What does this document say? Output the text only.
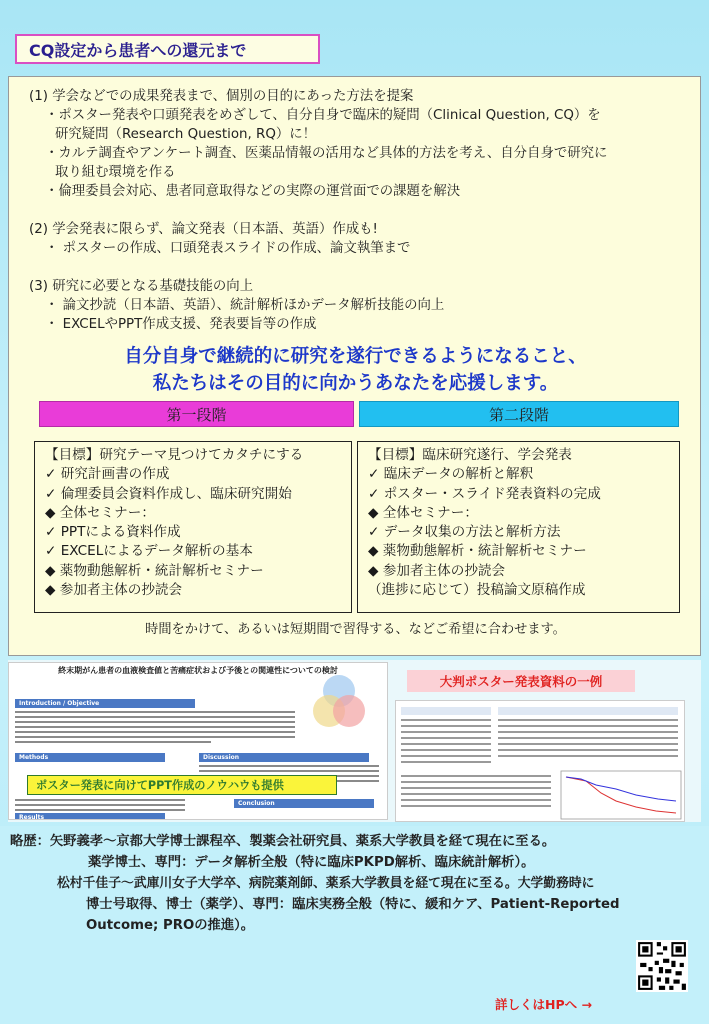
CQ設定から患者への還元まで

(1) 学会などでの成果発表まで、個別の目的にあった方法を提案

・ポスター発表や口頭発表をめざして、自分自身で臨床的疑問（Clinical Question, CQ）を

研究疑問（Research Question, RQ）に！

・カルテ調査やアンケート調査、医薬品情報の活用など具体的方法を考え、自分自身で研究に

取り組む環境を作る

・倫理委員会対応、患者同意取得などの実際の運営面での課題を解決

(2) 学会発表に限らず、論文発表（日本語、英語）作成も!

・ ポスターの作成、口頭発表スライドの作成、論文執筆まで

(3) 研究に必要となる基礎技能の向上

・ 論文抄読（日本語、英語）、統計解析ほかデータ解析技能の向上

・ EXCELやPPT作成支援、発表要旨等の作成

自分自身で継続的に研究を遂行できるようになること、
私たちはその目的に向かうあなたを応援します。
第一段階	第二段階

【目標】研究テーマ見つけてカタチにする

✓ 研究計画書の作成

✓ 倫理委員会資料作成し、臨床研究開始

◆ 全体セミナー：

✓ PPTによる資料作成

✓ EXCELによるデータ解析の基本

◆ 薬物動態解析・統計解析セミナー

◆ 参加者主体の抄読会

【目標】臨床研究遂行、学会発表

✓ 臨床データの解析と解釈

✓ ポスター・スライド発表資料の完成

◆ 全体セミナー：

✓ データ収集の方法と解析方法

◆ 薬物動態解析・統計解析セミナー

◆ 参加者主体の抄読会

（進捗に応じて）投稿論文原稿作成

時間をかけて、あるいは短期間で習得する、などご希望に合わせます。
終末期がん患者の血液検査値と苦痛症状および予後との関連性についての検討
Introduction / Objective
Methods	Discussion
Results
Conclusion
ポスター発表に向けてPPT作成のノウハウも提供
大判ポスター発表資料の一例

略歴：矢野義孝～京都大学博士課程卒、製薬会社研究員、薬系大学教員を経て現在に至る。

薬学博士、専門：データ解析全般（特に臨床PKPD解析、臨床統計解析）。

松村千佳子～武庫川女子大学卒、病院薬剤師、薬系大学教員を経て現在に至る。大学勤務時に

博士号取得、博士（薬学）、専門：臨床実務全般（特に、緩和ケア、Patient-Reported

Outcome; PROの推進）。

詳しくはHPへ →
